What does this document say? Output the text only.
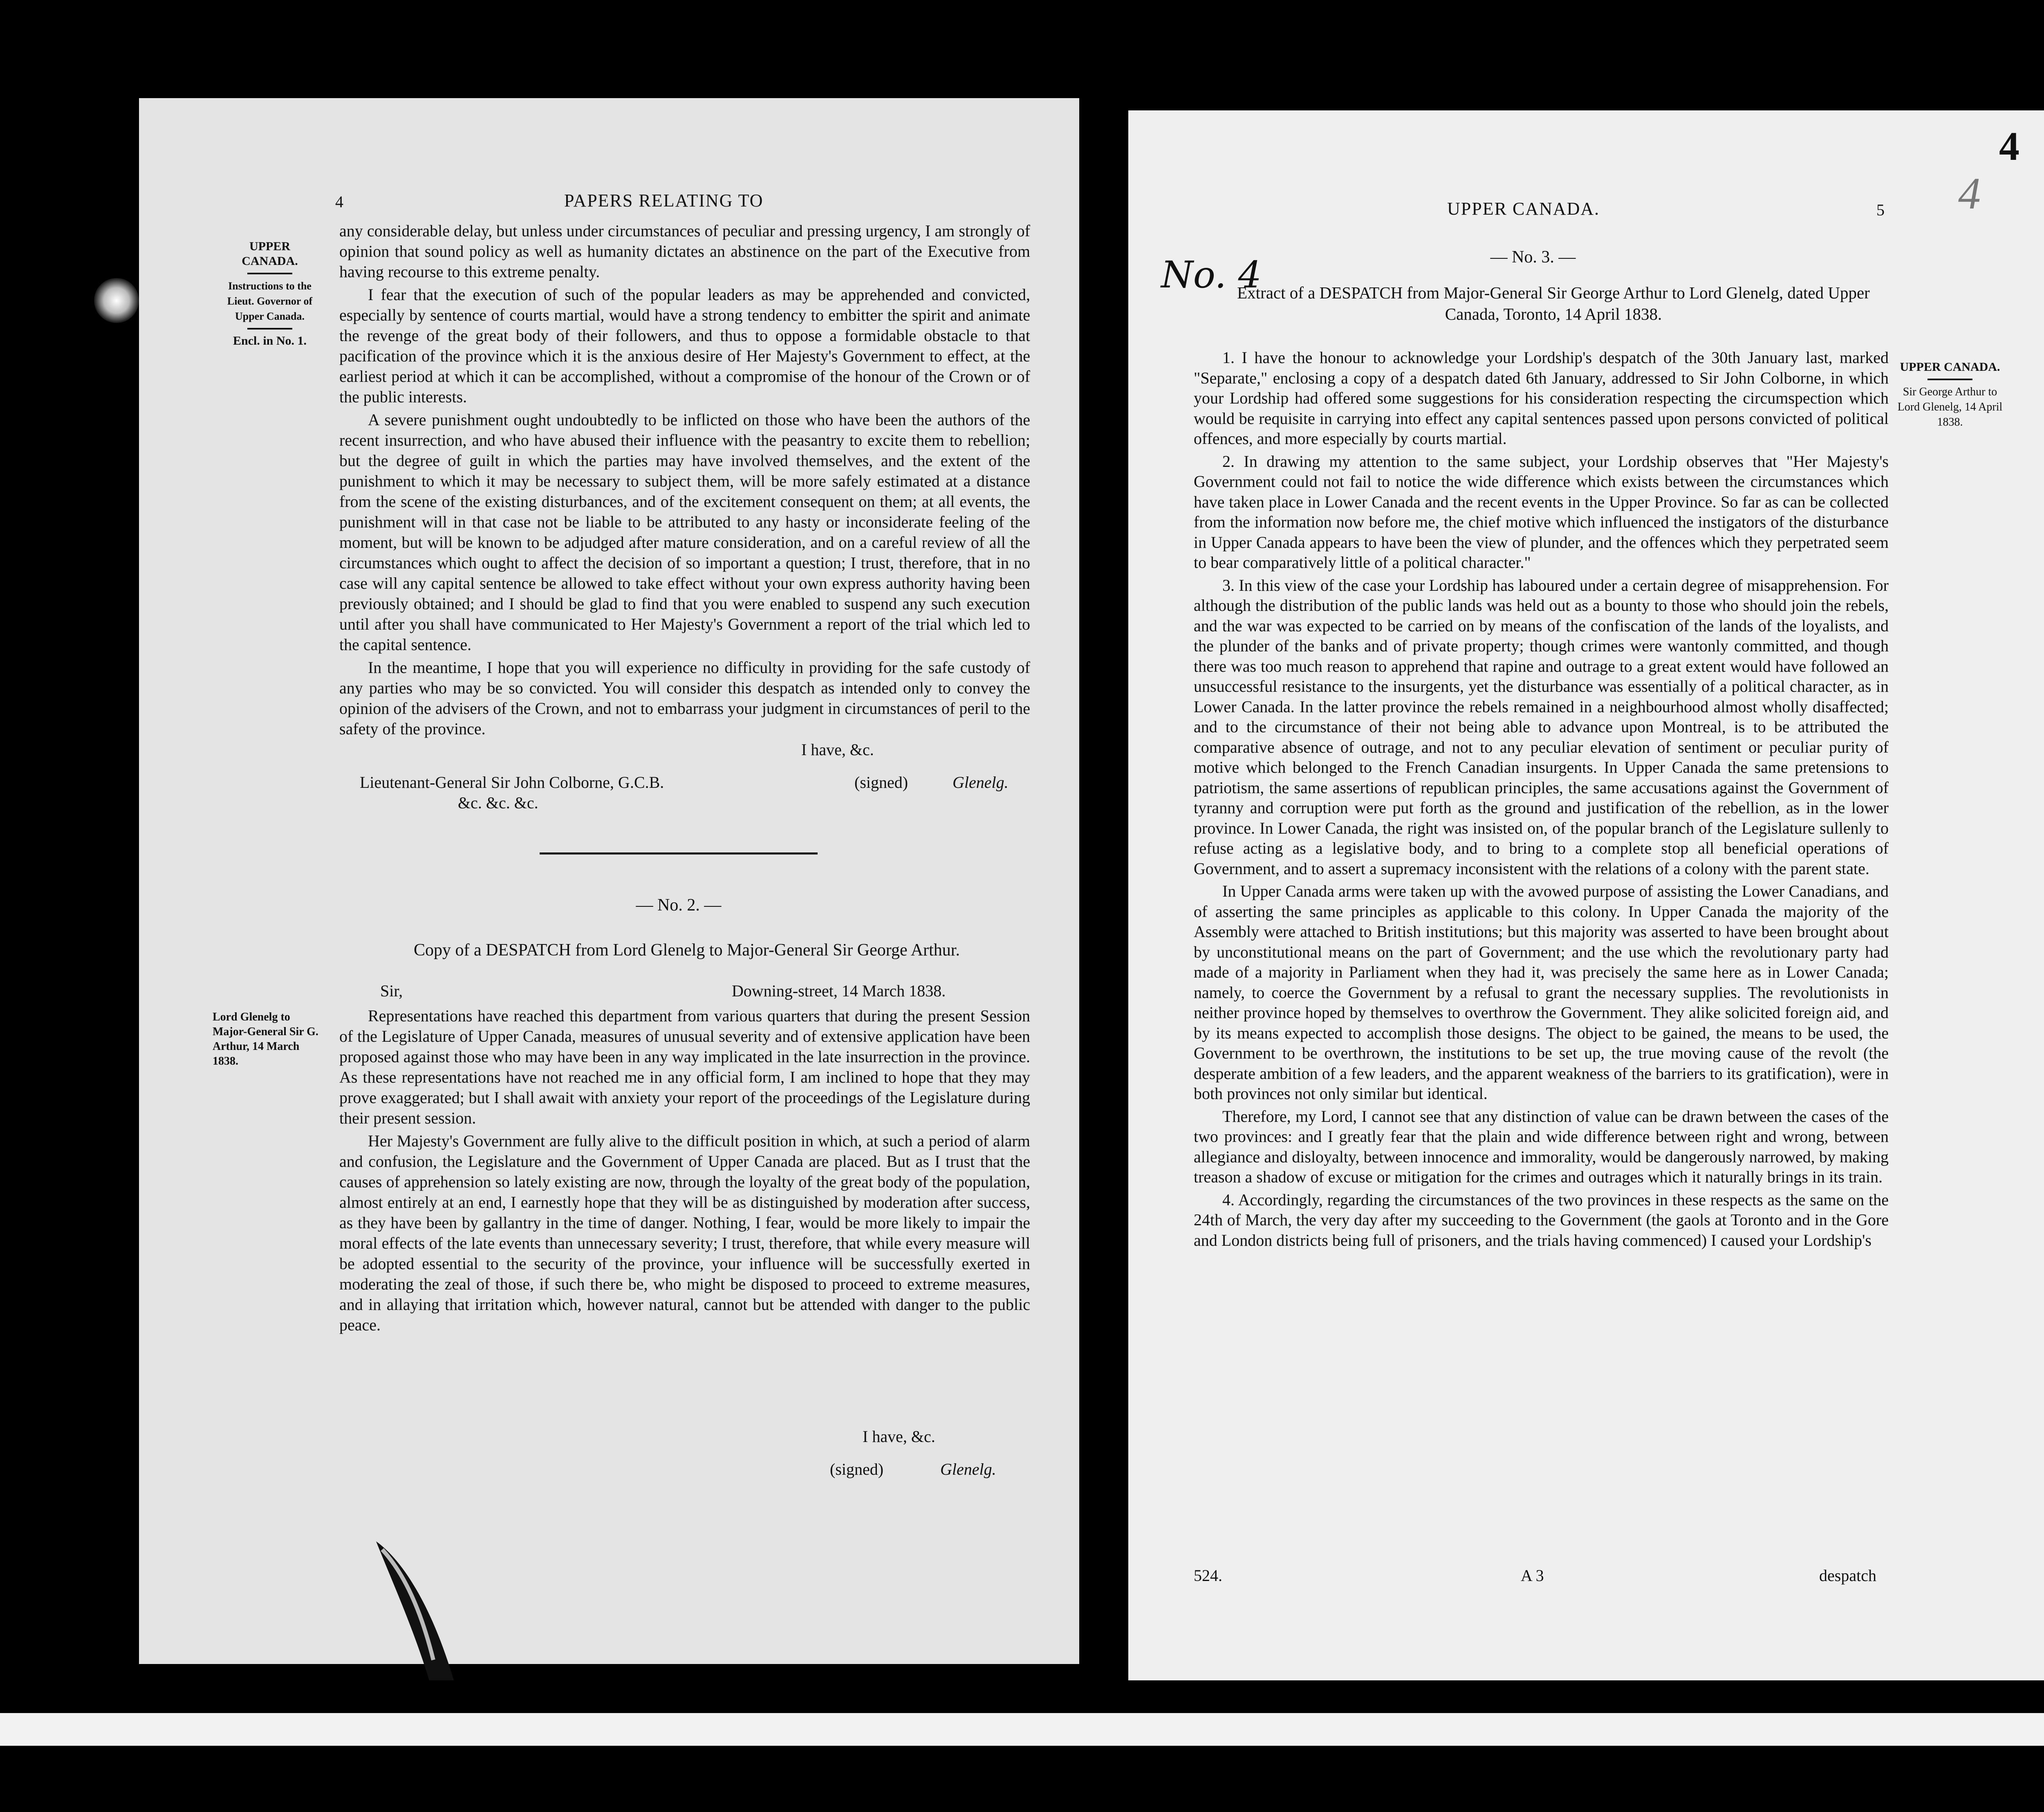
4	PAPERS RELATING TO
UPPER CANADA.
Instructions to the Lieut. Governor of Upper Canada.
Encl. in No. 1.

any considerable delay, but unless under circumstances of peculiar and pressing urgency, I am strongly of opinion that sound policy as well as humanity dictates an abstinence on the part of the Executive from having recourse to this extreme penalty.

I fear that the execution of such of the popular leaders as may be apprehended and convicted, especially by sentence of courts martial, would have a strong tendency to embitter the spirit and animate the revenge of the great body of their followers, and thus to oppose a formidable obstacle to that pacification of the province which it is the anxious desire of Her Majesty's Government to effect, at the earliest period at which it can be accomplished, without a compromise of the honour of the Crown or of the public interests.

A severe punishment ought undoubtedly to be inflicted on those who have been the authors of the recent insurrection, and who have abused their influence with the peasantry to excite them to rebellion; but the degree of guilt in which the parties may have involved themselves, and the extent of the punishment to which it may be necessary to subject them, will be more safely estimated at a distance from the scene of the existing disturbances, and of the excitement consequent on them; at all events, the punishment will in that case not be liable to be attributed to any hasty or inconsiderate feeling of the moment, but will be known to be adjudged after mature consideration, and on a careful review of all the circumstances which ought to affect the decision of so important a question; I trust, therefore, that in no case will any capital sentence be allowed to take effect without your own express authority having been previously obtained; and I should be glad to find that you were enabled to suspend any such execution until after you shall have communicated to Her Majesty's Government a report of the trial which led to the capital sentence.

In the meantime, I hope that you will experience no difficulty in providing for the safe custody of any parties who may be so convicted. You will consider this despatch as intended only to convey the opinion of the advisers of the Crown, and not to embarrass your judgment in circumstances of peril to the safety of the province.

I have, &c.
Lieutenant-General Sir John Colborne, G.C.B.
&c. &c. &c.
(signed)	Glenelg.
— No. 2. —
Copy of a DESPATCH from Lord Glenelg to Major-General Sir George Arthur.
Lord Glenelg to Major-General Sir G. Arthur, 14 March 1838.
Sir,	Downing-street, 14 March 1838.

Representations have reached this department from various quarters that during the present Session of the Legislature of Upper Canada, measures of unusual severity and of extensive application have been proposed against those who may have been in any way implicated in the late insurrection in the province. As these representations have not reached me in any official form, I am inclined to hope that they may prove exaggerated; but I shall await with anxiety your report of the proceedings of the Legislature during their present session.

Her Majesty's Government are fully alive to the difficult position in which, at such a period of alarm and confusion, the Legislature and the Government of Upper Canada are placed. But as I trust that the causes of apprehension so lately existing are now, through the loyalty of the great body of the population, almost entirely at an end, I earnestly hope that they will be as distinguished by moderation after success, as they have been by gallantry in the time of danger. Nothing, I fear, would be more likely to impair the moral effects of the late events than unnecessary severity; I trust, therefore, that while every measure will be adopted essential to the security of the province, your influence will be successfully exerted in moderating the zeal of those, if such there be, who might be disposed to proceed to extreme measures, and in allaying that irritation which, however natural, cannot but be attended with danger to the public peace.

I have, &c.
(signed)	Glenelg.
UPPER CANADA.	5
4
4
— No. 3. —
No. 4
Extract of a DESPATCH from Major-General Sir George Arthur to Lord Glenelg, dated Upper Canada, Toronto, 14 April 1838.
UPPER CANADA.
Sir George Arthur to Lord Glenelg, 14 April 1838.

1. I have the honour to acknowledge your Lordship's despatch of the 30th January last, marked "Separate," enclosing a copy of a despatch dated 6th January, addressed to Sir John Colborne, in which your Lordship had offered some suggestions for his consideration respecting the circumspection which would be requisite in carrying into effect any capital sentences passed upon persons convicted of political offences, and more especially by courts martial.

2. In drawing my attention to the same subject, your Lordship observes that "Her Majesty's Government could not fail to notice the wide difference which exists between the circumstances which have taken place in Lower Canada and the recent events in the Upper Province. So far as can be collected from the information now before me, the chief motive which influenced the instigators of the disturbance in Upper Canada appears to have been the view of plunder, and the offences which they perpetrated seem to bear comparatively little of a political character."

3. In this view of the case your Lordship has laboured under a certain degree of misapprehension. For although the distribution of the public lands was held out as a bounty to those who should join the rebels, and the war was expected to be carried on by means of the confiscation of the lands of the loyalists, and the plunder of the banks and of private property; though crimes were wantonly committed, and though there was too much reason to apprehend that rapine and outrage to a great extent would have followed an unsuccessful resistance to the insurgents, yet the disturbance was essentially of a political character, as in Lower Canada. In the latter province the rebels remained in a neighbourhood almost wholly disaffected; and to the circumstance of their not being able to advance upon Montreal, is to be attributed the comparative absence of outrage, and not to any peculiar elevation of sentiment or peculiar purity of motive which belonged to the French Canadian insurgents. In Upper Canada the same pretensions to patriotism, the same assertions of republican principles, the same accusations against the Government of tyranny and corruption were put forth as the ground and justification of the rebellion, as in the lower province. In Lower Canada, the right was insisted on, of the popular branch of the Legislature sullenly to refuse acting as a legislative body, and to bring to a complete stop all beneficial operations of Government, and to assert a supremacy inconsistent with the relations of a colony with the parent state.

In Upper Canada arms were taken up with the avowed purpose of assisting the Lower Canadians, and of asserting the same principles as applicable to this colony. In Upper Canada the majority of the Assembly were attached to British institutions; but this majority was asserted to have been brought about by unconstitutional means on the part of Government; and the use which the revolutionary party had made of a majority in Parliament when they had it, was precisely the same here as in Lower Canada; namely, to coerce the Government by a refusal to grant the necessary supplies. The revolutionists in neither province hoped by themselves to overthrow the Government. They alike solicited foreign aid, and by its means expected to accomplish those designs. The object to be gained, the means to be used, the Government to be overthrown, the institutions to be set up, the true moving cause of the revolt (the desperate ambition of a few leaders, and the apparent weakness of the barriers to its gratification), were in both provinces not only similar but identical.

Therefore, my Lord, I cannot see that any distinction of value can be drawn between the cases of the two provinces: and I greatly fear that the plain and wide difference between right and wrong, between allegiance and disloyalty, between innocence and immorality, would be dangerously narrowed, by making treason a shadow of excuse or mitigation for the crimes and outrages which it naturally brings in its train.

4. Accordingly, regarding the circumstances of the two provinces in these respects as the same on the 24th of March, the very day after my succeeding to the Government (the gaols at Toronto and in the Gore and London districts being full of prisoners, and the trials having commenced) I caused your Lordship's

524.	A 3	despatch
